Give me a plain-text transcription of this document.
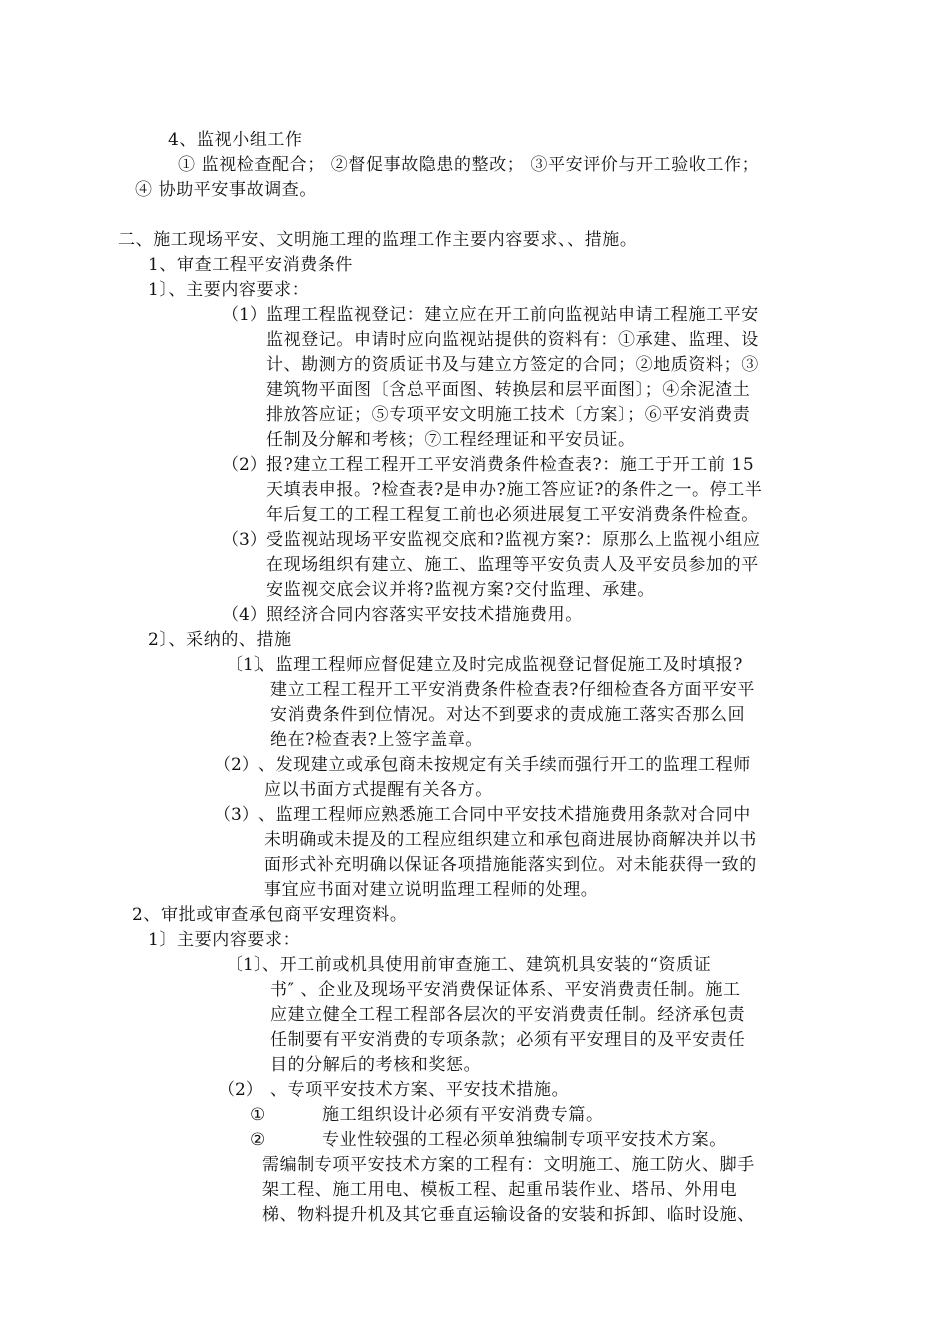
4、监视小组工作
① 监视检查配合； ②督促事故隐患的整改； ③平安评价与开工验收工作；
④ 协助平安事故调查。
二、施工现场平安、文明施工理的监理工作主要内容要求、、措施。
1、审查工程平安消费条件
1〕、主要内容要求：
（1） 监理工程监视登记：建立应在开工前向监视站申请工程施工平安

监视登记。申请时应向监视站提供的资料有：①承建、监理、设

计、勘测方的资质证书及与建立方签定的合同；②地质资料；③

建筑物平面图〔含总平面图、转换层和层平面图〕；④余泥渣土

排放答应证；⑤专项平安文明施工技术〔方案〕；⑥平安消费责

任制及分解和考核；⑦工程经理证和平安员证。

（2） 报?建立工程工程开工平安消费条件检查表?：施工于开工前 15

天填表申报。?检查表?是申办?施工答应证?的条件之一。停工半

年后复工的工程工程复工前也必须进展复工平安消费条件检查。

（3） 受监视站现场平安监视交底和?监视方案?：原那么上监视小组应

在现场组织有建立、施工、监理等平安负责人及平安员参加的平

安监视交底会议并将?监视方案?交付监理、承建。

（4） 照经济合同内容落实平安技术措施费用。

2〕、采纳的、措施
〔1〕
、监理工程师应督促建立及时完成监视登记督促施工及时填报?

建立工程工程开工平安消费条件检查表?仔细检查各方面平安平

安消费条件到位情况。对达不到要求的责成施工落实否那么回

绝在?检查表?上签字盖章。

（2） 、发现建立或承包商未按规定有关手续而强行开工的监理工程师

应以书面方式提醒有关各方。

（3） 、监理工程师应熟悉施工合同中平安技术措施费用条款对合同中

未明确或未提及的工程应组织建立和承包商进展协商解决并以书

面形式补充明确以保证各项措施能落实到位。对未能获得一致的

事宜应书面对建立说明监理工程师的处理。

2、审批或审查承包商平安理资料。
1〕主要内容要求：
〔1〕
、开工前或机具使用前审查施工、建筑机具安装的“资质证

书″ 、企业及现场平安消费保证体系、平安消费责任制。施工

应建立健全工程工程部各层次的平安消费责任制。经济承包责

任制要有平安消费的专项条款；必须有平安理目的及平安责任

目的分解后的考核和奖惩。

（2） 、专项平安技术方案、平安技术措施。
①	施工组织设计必须有平安消费专篇。
②	专业性较强的工程必须单独编制专项平安技术方案。

需编制专项平安技术方案的工程有：文明施工、施工防火、脚手

架工程、施工用电、模板工程、起重吊装作业、塔吊、外用电

梯、物料提升机及其它垂直运输设备的安装和拆卸、临时设施、
